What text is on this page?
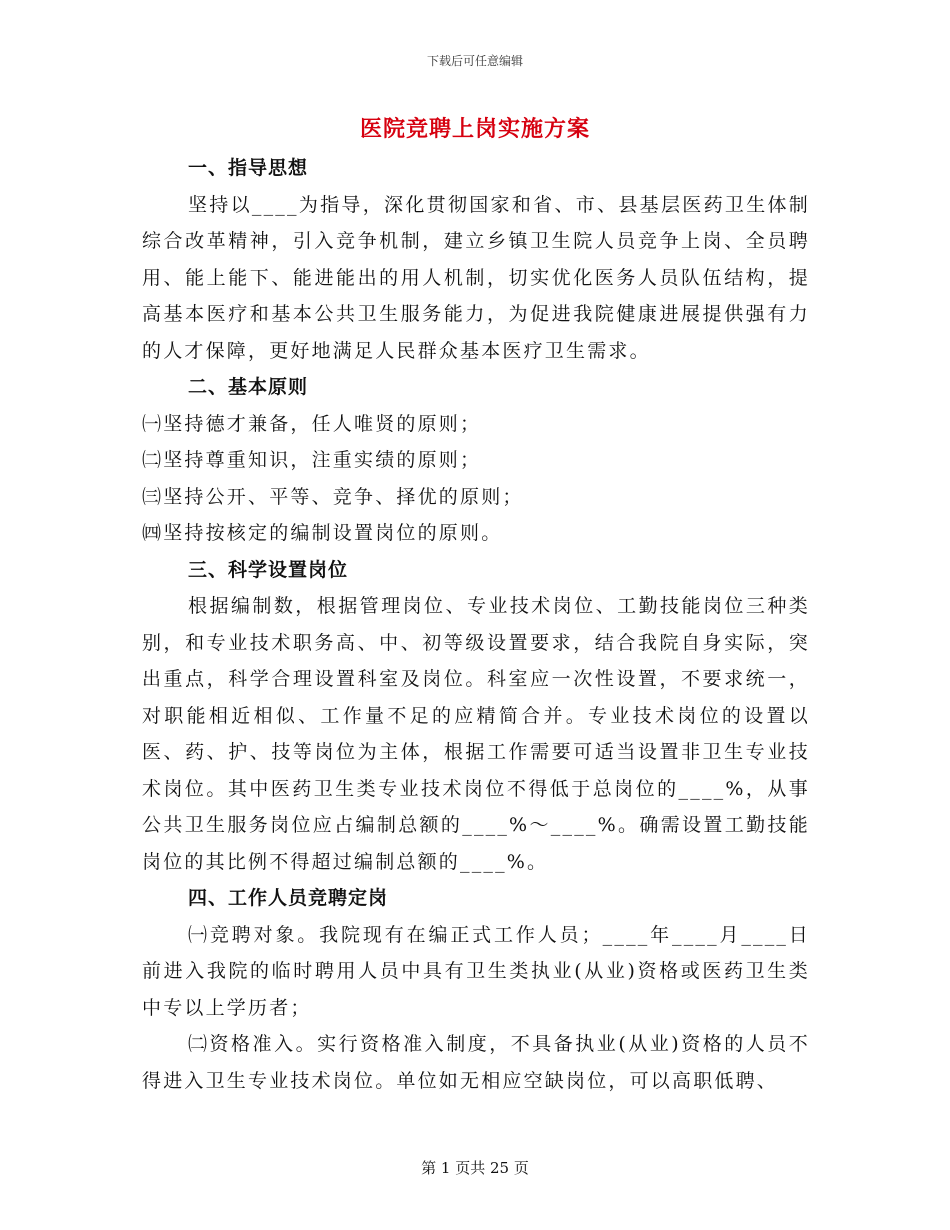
下载后可任意编辑
医院竞聘上岗实施方案
一、指导思想

坚持以____为指导，深化贯彻国家和省、市、县基层医药卫生体制综合改革精神，引入竞争机制，建立乡镇卫生院人员竞争上岗、全员聘用、能上能下、能进能出的用人机制，切实优化医务人员队伍结构，提高基本医疗和基本公共卫生服务能力，为促进我院健康进展提供强有力的人才保障，更好地满足人民群众基本医疗卫生需求。

二、基本原则
㈠坚持德才兼备，任人唯贤的原则；
㈡坚持尊重知识，注重实绩的原则；
㈢坚持公开、平等、竞争、择优的原则；
㈣坚持按核定的编制设置岗位的原则。
三、科学设置岗位

根据编制数，根据管理岗位、专业技术岗位、工勤技能岗位三种类别，和专业技术职务高、中、初等级设置要求，结合我院自身实际，突出重点，科学合理设置科室及岗位。科室应一次性设置，不要求统一，对职能相近相似、工作量不足的应精简合并。专业技术岗位的设置以医、药、护、技等岗位为主体，根据工作需要可适当设置非卫生专业技术岗位。其中医药卫生类专业技术岗位不得低于总岗位的____%，从事公共卫生服务岗位应占编制总额的____%～____%。确需设置工勤技能岗位的其比例不得超过编制总额的____%。

四、工作人员竞聘定岗

㈠竞聘对象。我院现有在编正式工作人员；____年____月____日前进入我院的临时聘用人员中具有卫生类执业(从业)资格或医药卫生类中专以上学历者；

㈡资格准入。实行资格准入制度，不具备执业(从业)资格的人员不得进入卫生专业技术岗位。单位如无相应空缺岗位，可以高职低聘、

第 1 页共 25 页
